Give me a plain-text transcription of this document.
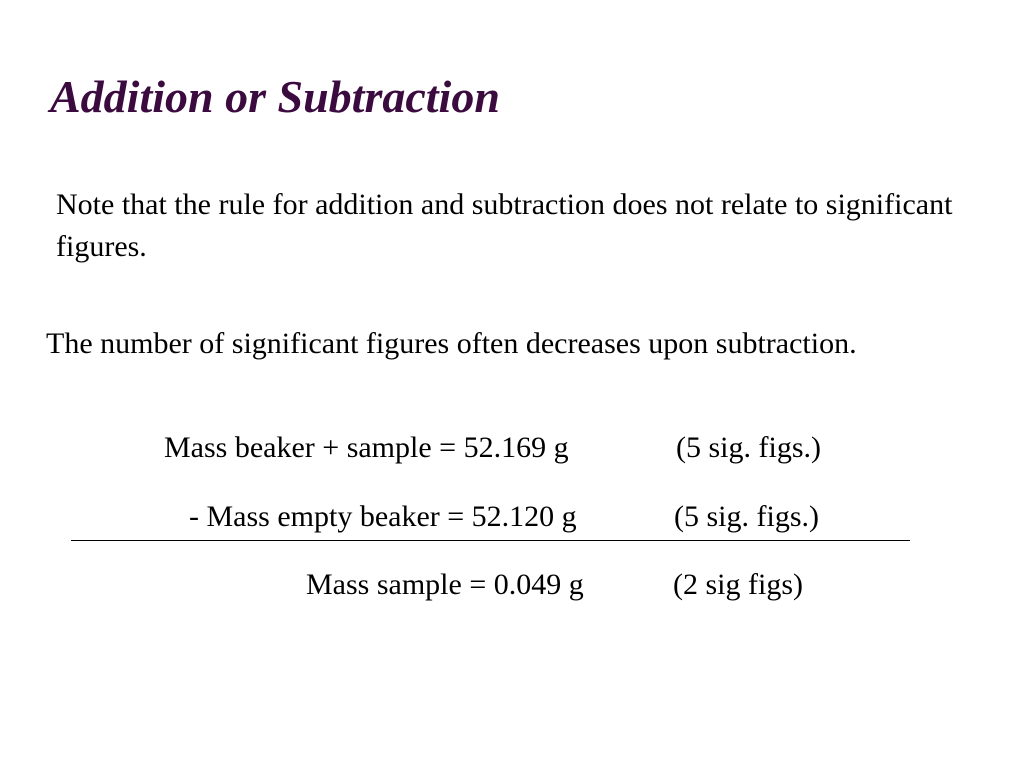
Addition or Subtraction
Note that the rule for addition and subtraction does not relate to significant figures.
The number of significant figures often decreases upon subtraction.
Mass beaker + sample = 52.169 g	(5 sig. figs.)
- Mass empty beaker = 52.120 g	(5 sig. figs.)
Mass sample = 0.049 g	(2 sig figs)
